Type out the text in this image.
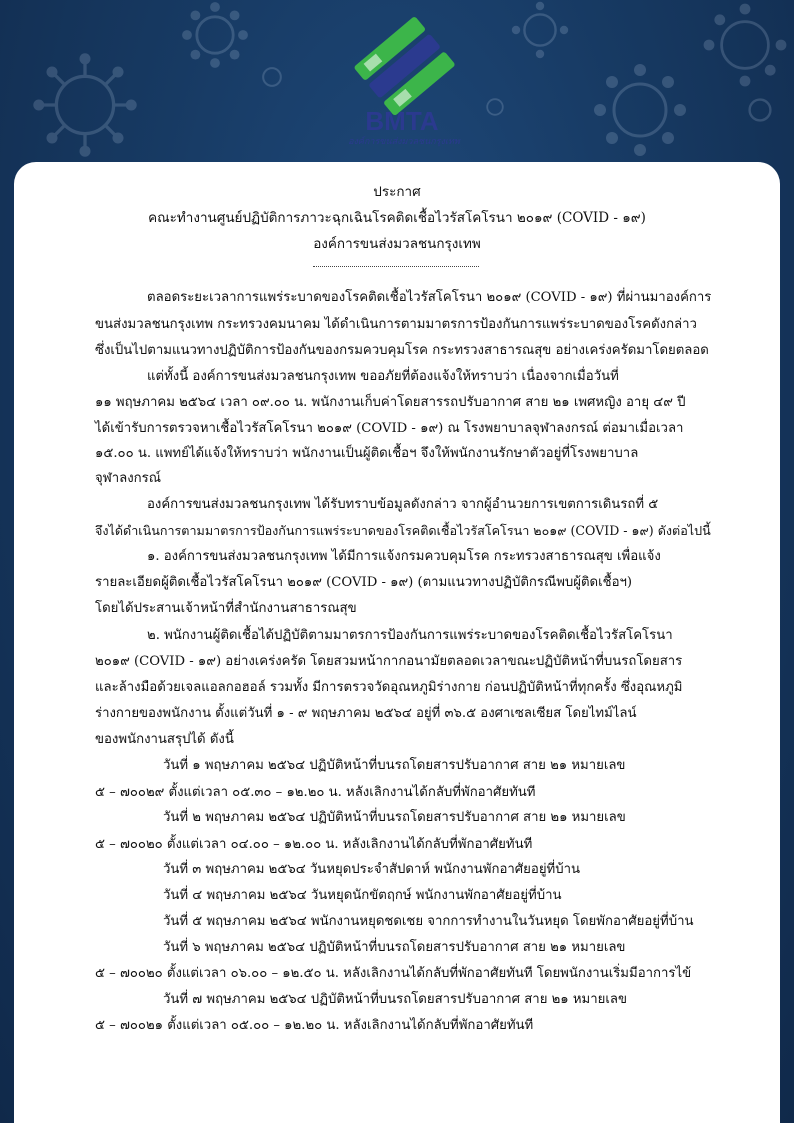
BMTA
องค์การขนส่งมวลชนกรุงเทพ
ประกาศ
คณะทำงานศูนย์ปฏิบัติการภาวะฉุกเฉินโรคติดเชื้อไวรัสโคโรนา ๒๐๑๙ (COVID - ๑๙)
องค์การขนส่งมวลชนกรุงเทพ
ตลอดระยะเวลาการแพร่ระบาดของโรคติดเชื้อไวรัสโคโรนา ๒๐๑๙ (COVID - ๑๙) ที่ผ่านมาองค์การ
ขนส่งมวลชนกรุงเทพ กระทรวงคมนาคม ได้ดำเนินการตามมาตรการป้องกันการแพร่ระบาดของโรคดังกล่าว
ซึ่งเป็นไปตามแนวทางปฏิบัติการป้องกันของกรมควบคุมโรค กระทรวงสาธารณสุข อย่างเคร่งครัดมาโดยตลอด
แต่ทั้งนี้ องค์การขนส่งมวลชนกรุงเทพ ขออภัยที่ต้องแจ้งให้ทราบว่า เนื่องจากเมื่อวันที่
๑๑ พฤษภาคม ๒๕๖๔ เวลา ๐๙.๐๐ น. พนักงานเก็บค่าโดยสารรถปรับอากาศ สาย ๒๑ เพศหญิง อายุ ๔๙ ปี
ได้เข้ารับการตรวจหาเชื้อไวรัสโคโรนา ๒๐๑๙ (COVID - ๑๙) ณ โรงพยาบาลจุฬาลงกรณ์ ต่อมาเมื่อเวลา
๑๕.๐๐ น. แพทย์ได้แจ้งให้ทราบว่า พนักงานเป็นผู้ติดเชื้อฯ จึงให้พนักงานรักษาตัวอยู่ที่โรงพยาบาล
จุฬาลงกรณ์
องค์การขนส่งมวลชนกรุงเทพ ได้รับทราบข้อมูลดังกล่าว จากผู้อำนวยการเขตการเดินรถที่ ๕
จึงได้ดำเนินการตามมาตรการป้องกันการแพร่ระบาดของโรคติดเชื้อไวรัสโคโรนา ๒๐๑๙ (COVID - ๑๙) ดังต่อไปนี้
๑. องค์การขนส่งมวลชนกรุงเทพ ได้มีการแจ้งกรมควบคุมโรค กระทรวงสาธารณสุข เพื่อแจ้ง
รายละเอียดผู้ติดเชื้อไวรัสโคโรนา ๒๐๑๙ (COVID - ๑๙) (ตามแนวทางปฏิบัติกรณีพบผู้ติดเชื้อฯ)
โดยได้ประสานเจ้าหน้าที่สำนักงานสาธารณสุข
๒. พนักงานผู้ติดเชื้อได้ปฏิบัติตามมาตรการป้องกันการแพร่ระบาดของโรคติดเชื้อไวรัสโคโรนา
๒๐๑๙ (COVID - ๑๙) อย่างเคร่งครัด โดยสวมหน้ากากอนามัยตลอดเวลาขณะปฏิบัติหน้าที่บนรถโดยสาร
และล้างมือด้วยเจลแอลกอฮอล์ รวมทั้ง มีการตรวจวัดอุณหภูมิร่างกาย ก่อนปฏิบัติหน้าที่ทุกครั้ง ซึ่งอุณหภูมิ
ร่างกายของพนักงาน ตั้งแต่วันที่ ๑ - ๙ พฤษภาคม ๒๕๖๔ อยู่ที่ ๓๖.๕ องศาเซลเซียส โดยไทม์ไลน์
ของพนักงานสรุปได้ ดังนี้
วันที่ ๑ พฤษภาคม ๒๕๖๔ ปฏิบัติหน้าที่บนรถโดยสารปรับอากาศ สาย ๒๑ หมายเลข
๕ – ๗๐๐๒๙ ตั้งแต่เวลา ๐๕.๓๐ – ๑๒.๒๐ น. หลังเลิกงานได้กลับที่พักอาศัยทันที
วันที่ ๒ พฤษภาคม ๒๕๖๔ ปฏิบัติหน้าที่บนรถโดยสารปรับอากาศ สาย ๒๑ หมายเลข
๕ – ๗๐๐๒๐ ตั้งแต่เวลา ๐๔.๐๐ – ๑๒.๐๐ น. หลังเลิกงานได้กลับที่พักอาศัยทันที
วันที่ ๓ พฤษภาคม ๒๕๖๔ วันหยุดประจำสัปดาห์ พนักงานพักอาศัยอยู่ที่บ้าน
วันที่ ๔ พฤษภาคม ๒๕๖๔ วันหยุดนักขัตฤกษ์ พนักงานพักอาศัยอยู่ที่บ้าน
วันที่ ๕ พฤษภาคม ๒๕๖๔ พนักงานหยุดชดเชย จากการทำงานในวันหยุด โดยพักอาศัยอยู่ที่บ้าน
วันที่ ๖ พฤษภาคม ๒๕๖๔ ปฏิบัติหน้าที่บนรถโดยสารปรับอากาศ สาย ๒๑ หมายเลข
๕ – ๗๐๐๒๐ ตั้งแต่เวลา ๐๖.๐๐ – ๑๒.๕๐ น. หลังเลิกงานได้กลับที่พักอาศัยทันที โดยพนักงานเริ่มมีอาการไข้
วันที่ ๗ พฤษภาคม ๒๕๖๔ ปฏิบัติหน้าที่บนรถโดยสารปรับอากาศ สาย ๒๑ หมายเลข
๕ – ๗๐๐๒๑ ตั้งแต่เวลา ๐๕.๐๐ – ๑๒.๒๐ น. หลังเลิกงานได้กลับที่พักอาศัยทันที
